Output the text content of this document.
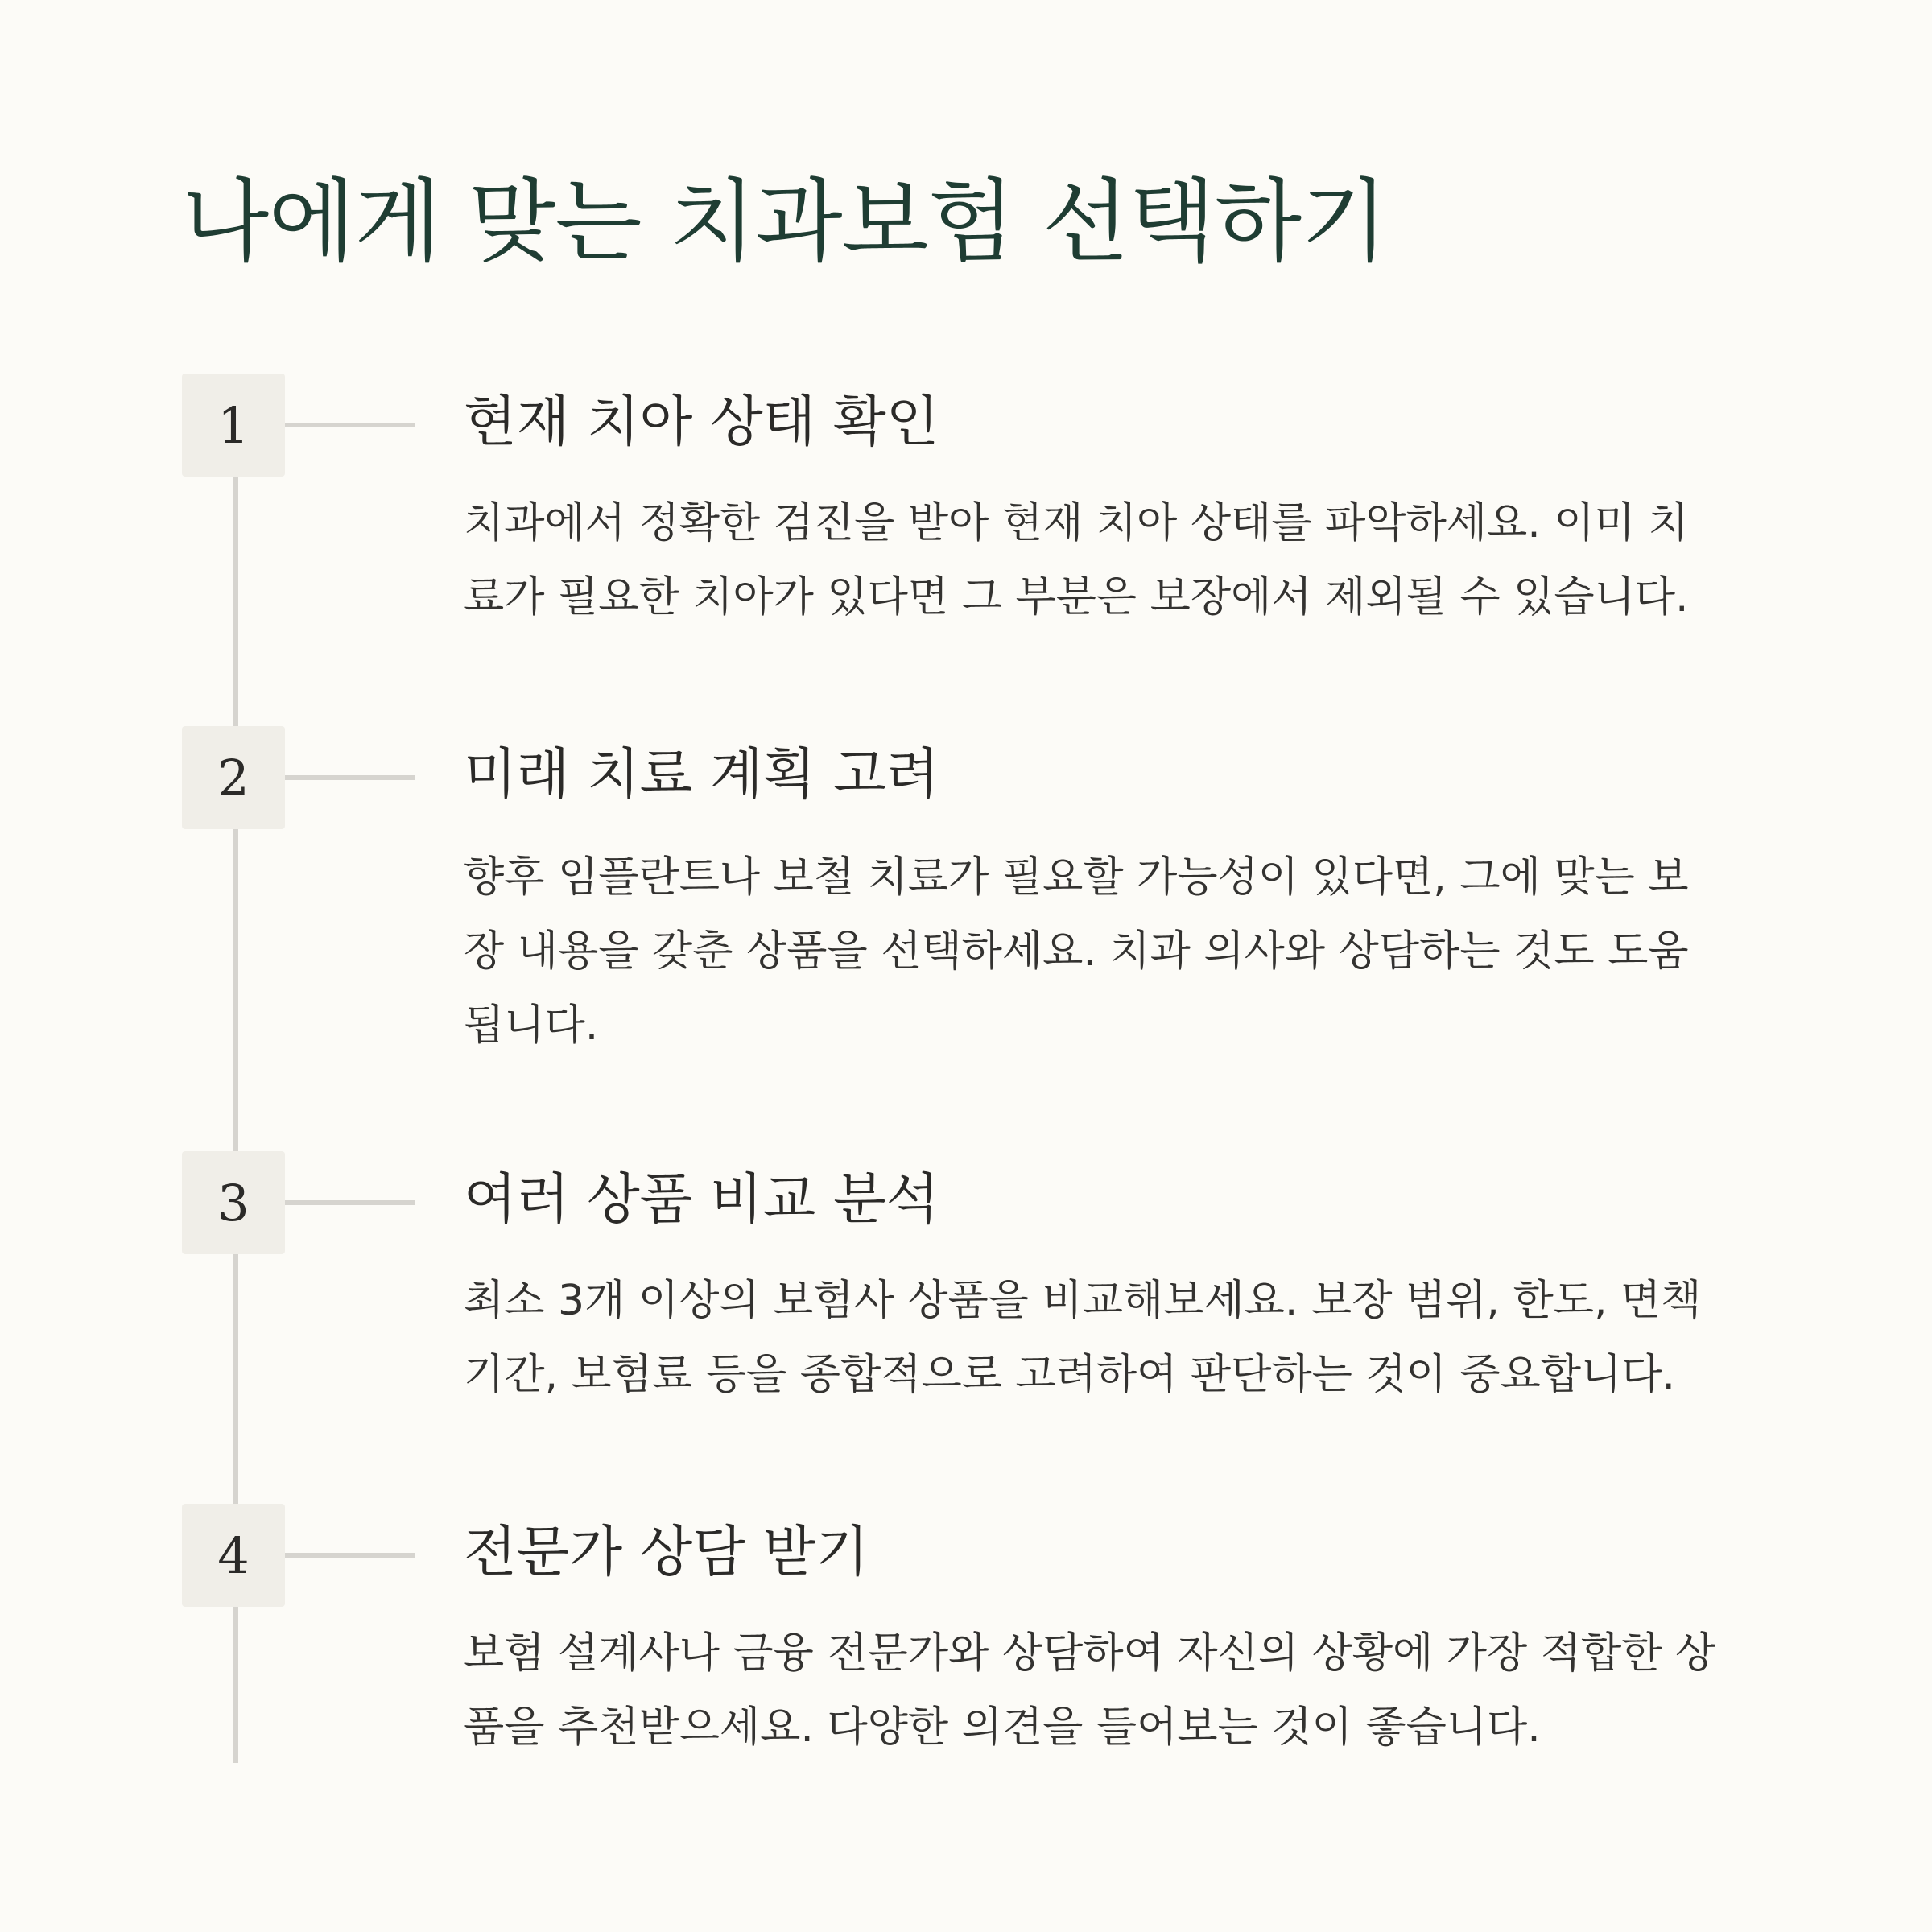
나에게 맞는 치과보험 선택하기
1	현재 치아 상태 확인
치과에서 정확한 검진을 받아 현재 치아 상태를 파악하세요. 이미 치
료가 필요한 치아가 있다면 그 부분은 보장에서 제외될 수 있습니다.
2	미래 치료 계획 고려
향후 임플란트나 보철 치료가 필요할 가능성이 있다면, 그에 맞는 보
장 내용을 갖춘 상품을 선택하세요. 치과 의사와 상담하는 것도 도움
됩니다.
3	여러 상품 비교 분석
최소 3개 이상의 보험사 상품을 비교해보세요. 보장 범위, 한도, 면책
기간, 보험료 등을 종합적으로 고려하여 판단하는 것이 중요합니다.
4	전문가 상담 받기
보험 설계사나 금융 전문가와 상담하여 자신의 상황에 가장 적합한 상
품을 추천받으세요. 다양한 의견을 들어보는 것이 좋습니다.
